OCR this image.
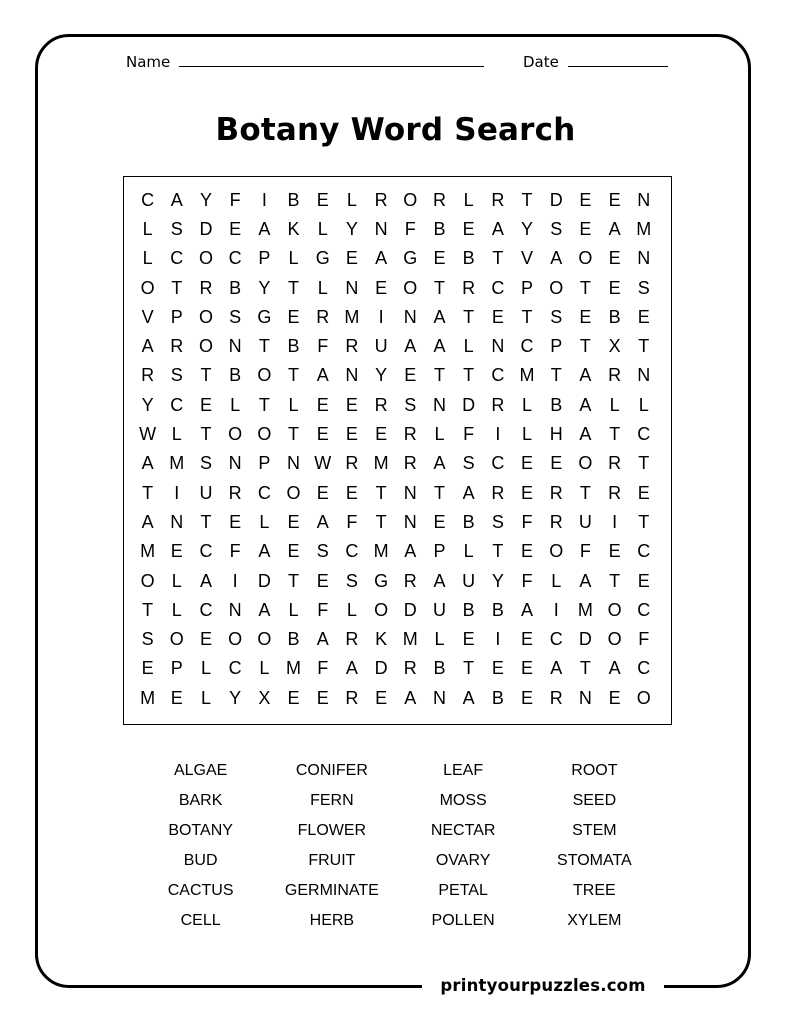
Name	Date
Botany Word Search
C A Y F	I	B E	L R O R L R T D E E N
L	S D E A K	L	Y N F B E A Y S E A M
L C O C P	L G E A G E B T V A O E N
O T R B Y T	L N E O T R C P O T E S
V P O S G E R M	I	N A T E T S E B E
A R O N T B F R U A A	L N C P T X T
R S T B O T A N Y E T	T C M T A R N
Y C E	L	T	L	E E R S N D R L	B A	L	L
W L	T O O T E E E R L	F	I	L H A T C
A M S N P N W R M R A S C E E O R T
T	I	U R C O E E T N T A R E R T R E
A N T E	L	E A F	T N E B S F R U	I	T
M E C F A E S C M A P	L	T E O F E C
O L	A	I	D T E S G R A U Y F	L	A T E
T	L C N A	L	F	L O D U B B A	I	M O C
S O E O O B A R K M L	E	I	E C D O F
E P	L C L M F A D R B T E E A T A C
M E	L	Y X E E R E A N A B E R N E O
ALGAE	CONIFER	LEAF	ROOT
BARK	FERN	MOSS	SEED
BOTANY	FLOWER	NECTAR	STEM
BUD	FRUIT	OVARY	STOMATA
CACTUS	GERMINATE	PETAL	TREE
CELL	HERB	POLLEN	XYLEM
printyourpuzzles.com
